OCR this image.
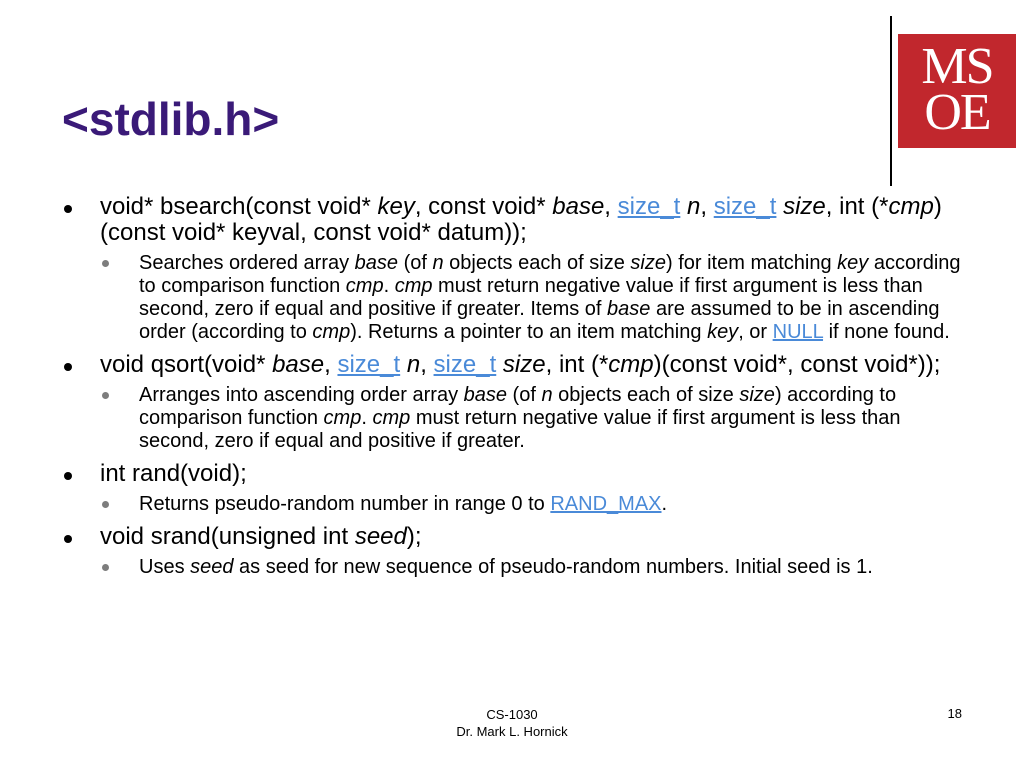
<stdlib.h>
MS
OE
void* bsearch(const void* key, const void* base, size_t n, size_t size, int (*cmp)(const void* keyval, const void* datum));
Searches ordered array base (of n objects each of size size) for item matching key according to comparison function cmp. cmp must return negative value if first argument is less than second, zero if equal and positive if greater. Items of base are assumed to be in ascending order (according to cmp). Returns a pointer to an item matching key, or NULL if none found.
void qsort(void* base, size_t n, size_t size, int (*cmp)(const void*, const void*));
Arranges into ascending order array base (of n objects each of size size) according to comparison function cmp. cmp must return negative value if first argument is less than second, zero if equal and positive if greater.
int rand(void);
Returns pseudo-random number in range 0 to RAND_MAX.
void srand(unsigned int seed);
Uses seed as seed for new sequence of pseudo-random numbers. Initial seed is 1.
CS-1030
Dr. Mark L. Hornick
18
